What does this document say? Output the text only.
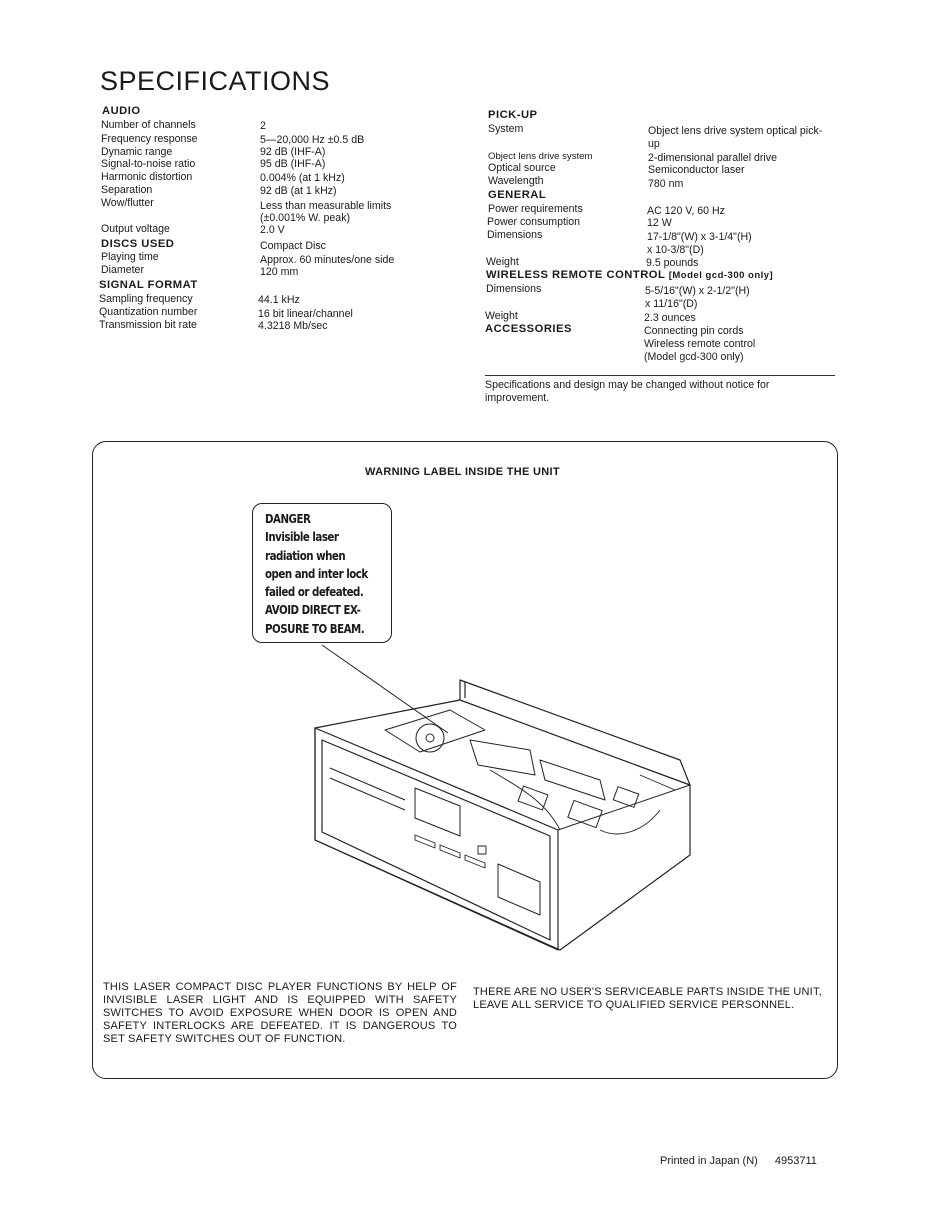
SPECIFICATIONS
AUDIO
Number of channels	2
Frequency response	5—20,000 Hz ±0.5 dB
Dynamic range	92 dB (IHF-A)
Signal-to-noise ratio	95 dB (IHF-A)
Harmonic distortion	0.004% (at 1 kHz)
Separation	92 dB (at 1 kHz)
Wow/flutter	Less than measurable limits
(±0.001% W. peak)
Output voltage	2.0 V
DISCS USED	Compact Disc
Playing time	Approx. 60 minutes/one side
Diameter	120 mm
SIGNAL FORMAT
Sampling frequency	44.1 kHz
Quantization number	16 bit linear/channel
Transmission bit rate	4.3218 Mb/sec
PICK-UP
System	Object lens drive system optical pick-
up
Object lens drive system	2-dimensional parallel drive
Optical source	Semiconductor laser
Wavelength	780 nm
GENERAL
Power requirements	AC 120 V, 60 Hz
Power consumption	12 W
Dimensions	17-1/8"(W) x 3-1/4"(H)
x 10-3/8"(D)
Weight	9.5 pounds
WIRELESS REMOTE CONTROL [Model gcd-300 only]
Dimensions	5-5/16"(W) x 2-1/2"(H)
x 11/16"(D)
Weight	2.3 ounces
ACCESSORIES	Connecting pin cords
Wireless remote control
(Model gcd-300 only)
Specifications and design may be changed without notice for improvement.
WARNING LABEL INSIDE THE UNIT
DANGER
Invisible laser
radiation when
open and inter lock
failed or defeated.
AVOID DIRECT EX-
POSURE TO BEAM.
THIS LASER COMPACT DISC PLAYER FUNCTIONS BY HELP OF INVISIBLE LASER LIGHT AND IS EQUIPPED WITH SAFETY SWITCHES TO AVOID EXPOSURE WHEN DOOR IS OPEN AND SAFETY INTERLOCKS ARE DEFEATED. IT IS DANGEROUS TO SET SAFETY SWITCHES OUT OF FUNCTION.
THERE ARE NO USER'S SERVICEABLE PARTS INSIDE THE UNIT, LEAVE ALL SERVICE TO QUALIFIED SERVICE PERSONNEL.
Printed in Japan (N) 4953711
